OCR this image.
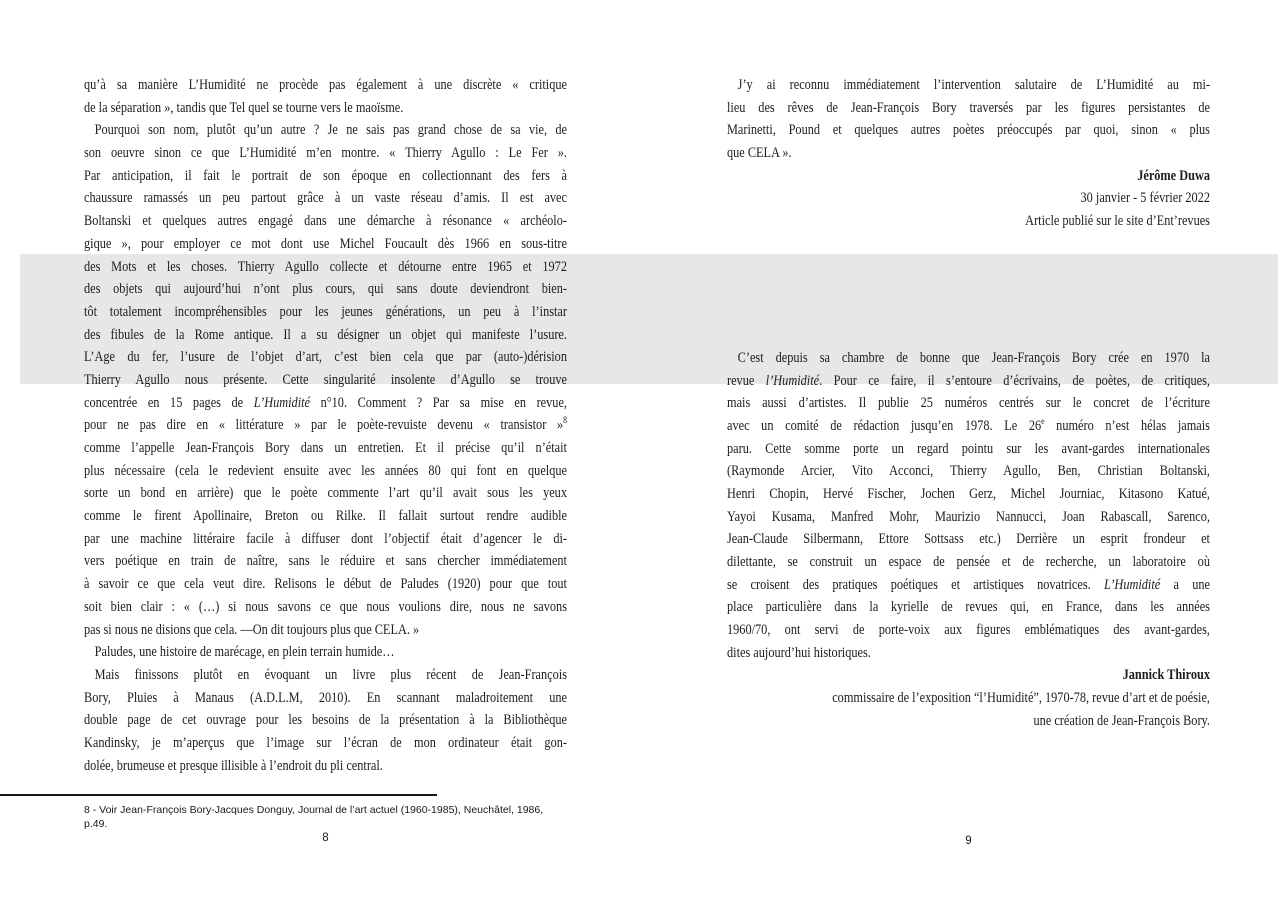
qu’à sa manière L’Humidité ne procède pas également à une discrète « critique
de la séparation », tandis que Tel quel se tourne vers le maoïsme.
Pourquoi son nom, plutôt qu’un autre ? Je ne sais pas grand chose de sa vie, de
son oeuvre sinon ce que L’Humidité m’en montre. « Thierry Agullo : Le Fer ».
Par anticipation, il fait le portrait de son époque en collectionnant des fers à
chaussure ramassés un peu partout grâce à un vaste réseau d’amis. Il est avec
Boltanski et quelques autres engagé dans une démarche à résonance « archéolo-
gique », pour employer ce mot dont use Michel Foucault dès 1966 en sous-titre
des Mots et les choses. Thierry Agullo collecte et détourne entre 1965 et 1972
des objets qui aujourd’hui n’ont plus cours, qui sans doute deviendront bien-
tôt totalement incompréhensibles pour les jeunes générations, un peu à l’instar
des fibules de la Rome antique. Il a su désigner un objet qui manifeste l’usure.
L’Age du fer, l’usure de l’objet d’art, c’est bien cela que par (auto-)dérision
Thierry Agullo nous présente. Cette singularité insolente d’Agullo se trouve
concentrée en 15 pages de L’Humidité n°10. Comment ? Par sa mise en revue,
pour ne pas dire en « littérature » par le poète-revuiste devenu « transistor »$^8$
comme l’appelle Jean-François Bory dans un entretien. Et il précise qu’il n’était
plus nécessaire (cela le redevient ensuite avec les années 80 qui font en quelque
sorte un bond en arrière) que le poète commente l’art qu’il avait sous les yeux
comme le firent Apollinaire, Breton ou Rilke. Il fallait surtout rendre audible
par une machine littéraire facile à diffuser dont l’objectif était d’agencer le di-
vers poétique en train de naître, sans le réduire et sans chercher immédiatement
à savoir ce que cela veut dire. Relisons le début de Paludes (1920) pour que tout
soit bien clair : « (…) si nous savons ce que nous voulions dire, nous ne savons
pas si nous ne disions que cela. —On dit toujours plus que CELA. »
Paludes, une histoire de marécage, en plein terrain humide…
Mais finissons plutôt en évoquant un livre plus récent de Jean-François
Bory, Pluies à Manaus (A.D.L.M, 2010). En scannant maladroitement une
double page de cet ouvrage pour les besoins de la présentation à la Bibliothèque
Kandinsky, je m’aperçus que l’image sur l’écran de mon ordinateur était gon-
dolée, brumeuse et presque illisible à l’endroit du pli central.
J’y ai reconnu immédiatement l’intervention salutaire de L’Humidité au mi-
lieu des rêves de Jean-François Bory traversés par les figures persistantes de
Marinetti, Pound et quelques autres poètes préoccupés par quoi, sinon « plus
que CELA ».
Jérôme Duwa
30 janvier - 5 février 2022
Article publié sur le site d’Ent’revues
C’est depuis sa chambre de bonne que Jean-François Bory crée en 1970 la
revue l’Humidité. Pour ce faire, il s’entoure d’écrivains, de poètes, de critiques,
mais aussi d’artistes. Il publie 25 numéros centrés sur le concret de l’écriture
avec un comité de rédaction jusqu’en 1978. Le 26e numéro n’est hélas jamais
paru. Cette somme porte un regard pointu sur les avant-gardes internationales
(Raymonde Arcier, Vito Acconci, Thierry Agullo, Ben, Christian Boltanski,
Henri Chopin, Hervé Fischer, Jochen Gerz, Michel Journiac, Kitasono Katué,
Yayoi Kusama, Manfred Mohr, Maurizio Nannucci, Joan Rabascall, Sarenco,
Jean-Claude Silbermann, Ettore Sottsass etc.) Derrière un esprit frondeur et
dilettante, se construit un espace de pensée et de recherche, un laboratoire où
se croisent des pratiques poétiques et artistiques novatrices. L’Humidité a une
place particulière dans la kyrielle de revues qui, en France, dans les années
1960/70, ont servi de porte-voix aux figures emblématiques des avant-gardes,
dites aujourd’hui historiques.
Jannick Thiroux
commissaire de l’exposition “l’Humidité”, 1970-78, revue d’art et de poésie,
une création de Jean-François Bory.
8 - Voir Jean-François Bory-Jacques Donguy, Journal de l’art actuel (1960-1985), Neuchâtel, 1986, p.49.
8	9
